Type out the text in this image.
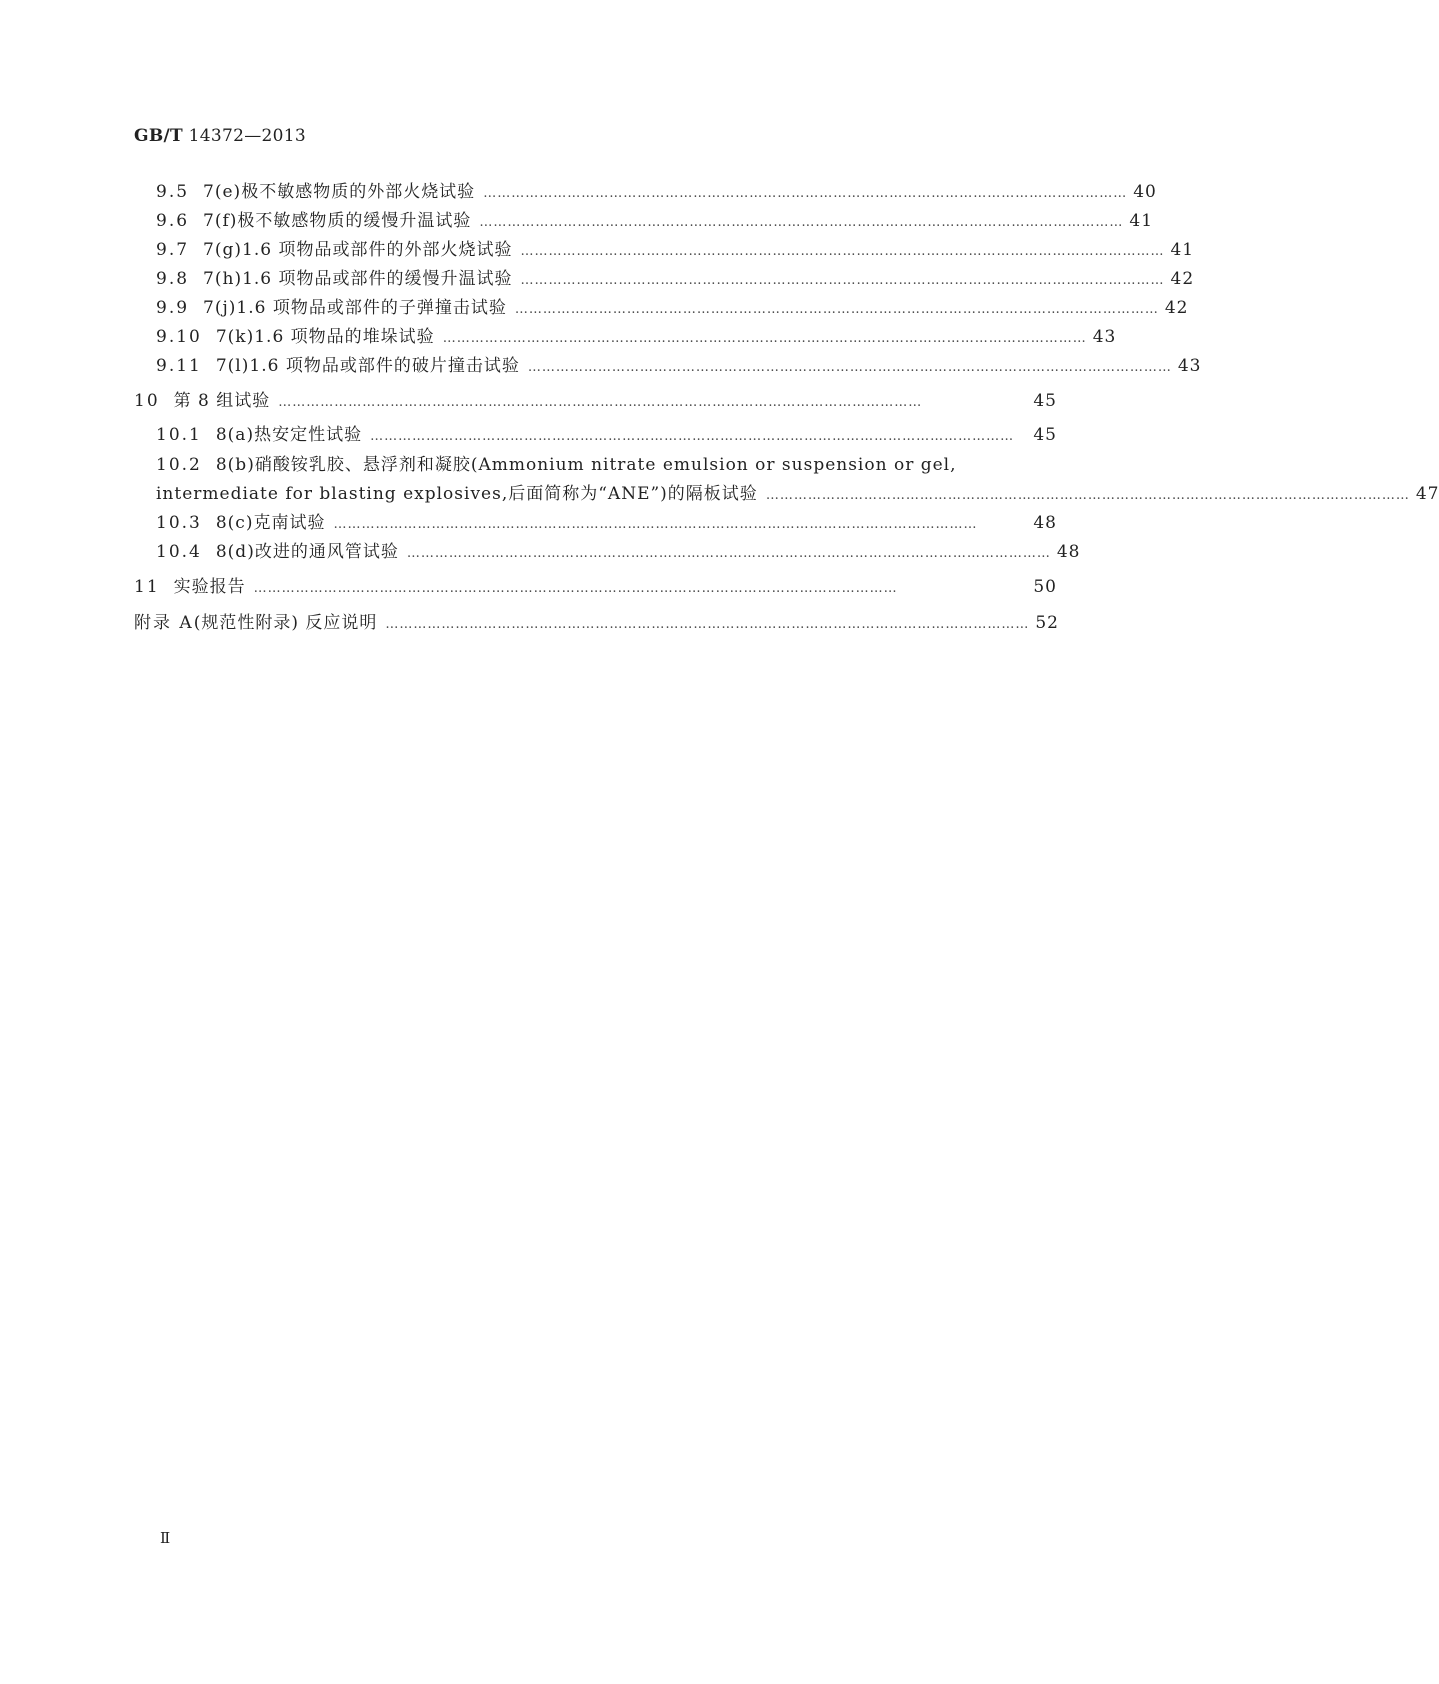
GB/T 14372—2013
9.5 7(e)极不敏感物质的外部火烧试验 ………………………………………………………………………………………………………………………… 40
9.6 7(f)极不敏感物质的缓慢升温试验 ………………………………………………………………………………………………………………………… 41
9.7 7(g)1.6 项物品或部件的外部火烧试验 ………………………………………………………………………………………………………………………… 41
9.8 7(h)1.6 项物品或部件的缓慢升温试验 ………………………………………………………………………………………………………………………… 42
9.9 7(j)1.6 项物品或部件的子弹撞击试验 ………………………………………………………………………………………………………………………… 42
9.10 7(k)1.6 项物品的堆垛试验 ………………………………………………………………………………………………………………………… 43
9.11 7(l)1.6 项物品或部件的破片撞击试验 ………………………………………………………………………………………………………………………… 43
10 第 8 组试验 …………………………………………………………………………………………………………………………	45
10.1 8(a)热安定性试验 …………………………………………………………………………………………………………………………	45
10.2 8(b)硝酸铵乳胶、悬浮剂和凝胶(Ammonium nitrate emulsion or suspension or gel,
intermediate for blasting explosives,后面简称为“ANE”)的隔板试验 ………………………………………………………………………………………………………………………… 47
10.3 8(c)克南试验 …………………………………………………………………………………………………………………………	48
10.4 8(d)改进的通风管试验 ………………………………………………………………………………………………………………………… 48
11 实验报告 …………………………………………………………………………………………………………………………	50
附录 A (规范性附录) 反应说明 ………………………………………………………………………………………………………………………… 52
Ⅱ
